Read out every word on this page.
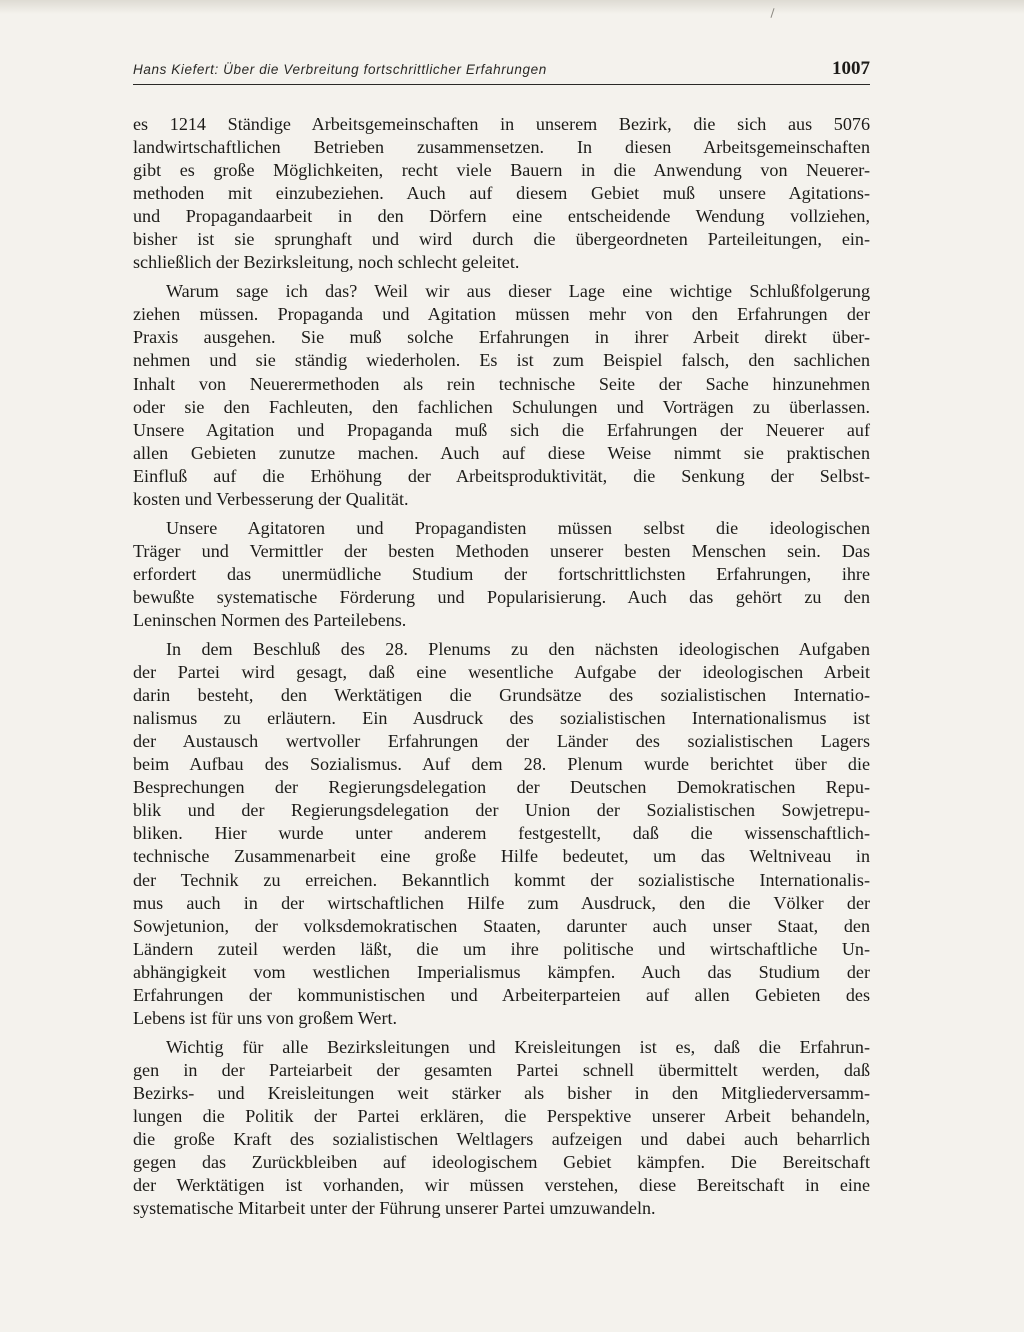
Hans Kiefert: Über die Verbreitung fortschrittlicher Erfahrungen	1007

es 1214 Ständige Arbeitsgemeinschaften in unserem Bezirk, die sich aus 5076
landwirtschaftlichen Betrieben zusammensetzen. In diesen Arbeitsgemeinschaften
gibt es große Möglichkeiten, recht viele Bauern in die Anwendung von Neuerer-
methoden mit einzubeziehen. Auch auf diesem Gebiet muß unsere Agitations-
und Propagandaarbeit in den Dörfern eine entscheidende Wendung vollziehen,
bisher ist sie sprunghaft und wird durch die übergeordneten Parteileitungen, ein-
schließlich der Bezirksleitung, noch schlecht geleitet.

Warum sage ich das? Weil wir aus dieser Lage eine wichtige Schlußfolgerung
ziehen müssen. Propaganda und Agitation müssen mehr von den Erfahrungen der
Praxis ausgehen. Sie muß solche Erfahrungen in ihrer Arbeit direkt über-
nehmen und sie ständig wiederholen. Es ist zum Beispiel falsch, den sachlichen
Inhalt von Neuerermethoden als rein technische Seite der Sache hinzunehmen
oder sie den Fachleuten, den fachlichen Schulungen und Vorträgen zu überlassen.
Unsere Agitation und Propaganda muß sich die Erfahrungen der Neuerer auf
allen Gebieten zunutze machen. Auch auf diese Weise nimmt sie praktischen
Einfluß auf die Erhöhung der Arbeitsproduktivität, die Senkung der Selbst-
kosten und Verbesserung der Qualität.

Unsere Agitatoren und Propagandisten müssen selbst die ideologischen
Träger und Vermittler der besten Methoden unserer besten Menschen sein. Das
erfordert das unermüdliche Studium der fortschrittlichsten Erfahrungen, ihre
bewußte systematische Förderung und Popularisierung. Auch das gehört zu den
Leninschen Normen des Parteilebens.

In dem Beschluß des 28. Plenums zu den nächsten ideologischen Aufgaben
der Partei wird gesagt, daß eine wesentliche Aufgabe der ideologischen Arbeit
darin besteht, den Werktätigen die Grundsätze des sozialistischen Internatio-
nalismus zu erläutern. Ein Ausdruck des sozialistischen Internationalismus ist
der Austausch wertvoller Erfahrungen der Länder des sozialistischen Lagers
beim Aufbau des Sozialismus. Auf dem 28. Plenum wurde berichtet über die
Besprechungen der Regierungsdelegation der Deutschen Demokratischen Repu-
blik und der Regierungsdelegation der Union der Sozialistischen Sowjetrepu-
bliken. Hier wurde unter anderem festgestellt, daß die wissenschaftlich-
technische Zusammenarbeit eine große Hilfe bedeutet, um das Weltniveau in
der Technik zu erreichen. Bekanntlich kommt der sozialistische Internationalis-
mus auch in der wirtschaftlichen Hilfe zum Ausdruck, den die Völker der
Sowjetunion, der volksdemokratischen Staaten, darunter auch unser Staat, den
Ländern zuteil werden läßt, die um ihre politische und wirtschaftliche Un-
abhängigkeit vom westlichen Imperialismus kämpfen. Auch das Studium der
Erfahrungen der kommunistischen und Arbeiterparteien auf allen Gebieten des
Lebens ist für uns von großem Wert.

Wichtig für alle Bezirksleitungen und Kreisleitungen ist es, daß die Erfahrun-
gen in der Parteiarbeit der gesamten Partei schnell übermittelt werden, daß
Bezirks- und Kreisleitungen weit stärker als bisher in den Mitgliederversamm-
lungen die Politik der Partei erklären, die Perspektive unserer Arbeit behandeln,
die große Kraft des sozialistischen Weltlagers aufzeigen und dabei auch beharrlich
gegen das Zurückbleiben auf ideologischem Gebiet kämpfen. Die Bereitschaft
der Werktätigen ist vorhanden, wir müssen verstehen, diese Bereitschaft in eine
systematische Mitarbeit unter der Führung unserer Partei umzuwandeln.
